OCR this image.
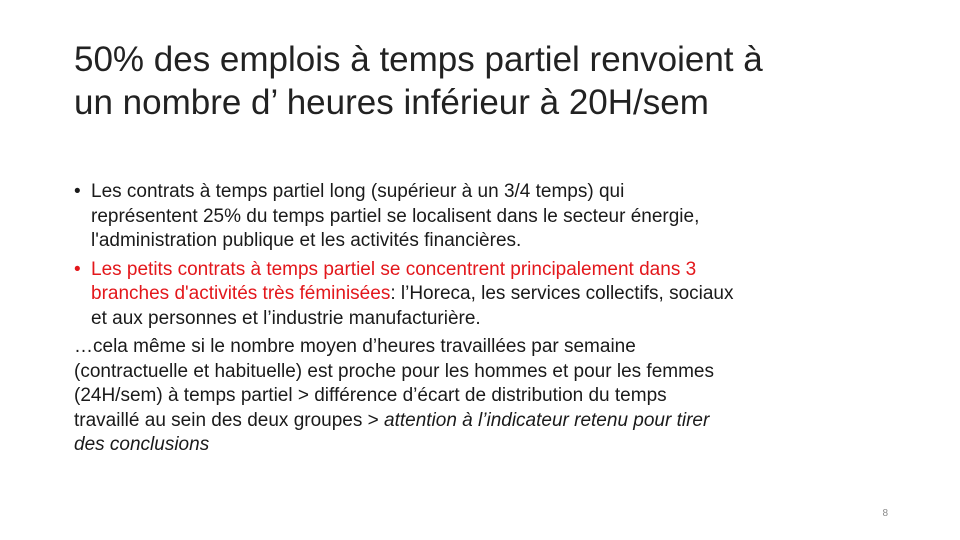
50% des emplois à temps partiel renvoient à
un nombre d’ heures inférieur à 20H/sem
• Les contrats à temps partiel long (supérieur à un 3/4 temps) qui
représentent 25% du temps partiel se localisent dans le secteur énergie,
l'administration publique et les activités financières.
• Les petits contrats à temps partiel se concentrent principalement dans 3
branches d'activités très féminisées: l’Horeca, les services collectifs, sociaux
et aux personnes et l’industrie manufacturière.

…cela même si le nombre moyen d’heures travaillées par semaine
(contractuelle et habituelle) est proche pour les hommes et pour les femmes
(24H/sem) à temps partiel > différence d’écart de distribution du temps
travaillé au sein des deux groupes > attention à l’indicateur retenu pour tirer
des conclusions

8
